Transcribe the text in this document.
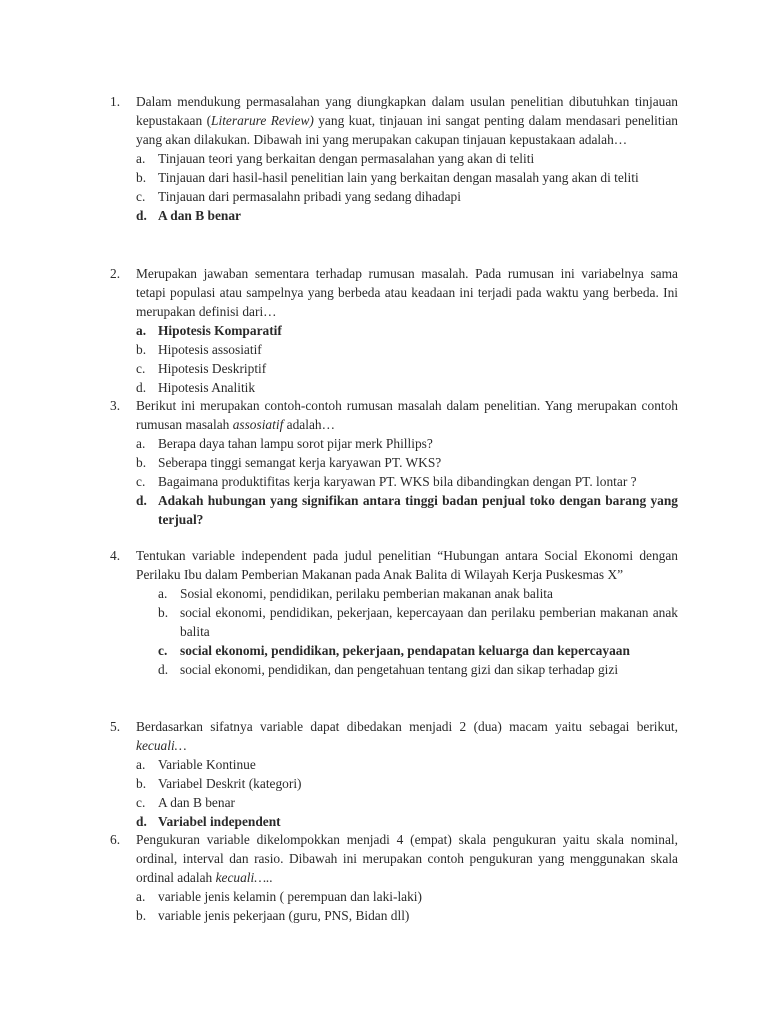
1.	Dalam mendukung permasalahan yang diungkapkan dalam usulan penelitian dibutuhkan tinjauan kepustakaan (Literarure Review) yang kuat, tinjauan ini sangat penting dalam mendasari penelitian yang akan dilakukan. Dibawah ini yang merupakan cakupan tinjauan kepustakaan adalah…
a. Tinjauan teori yang berkaitan dengan permasalahan yang akan di teliti
b. Tinjauan dari hasil-hasil penelitian lain yang berkaitan dengan masalah yang akan di teliti
c. Tinjauan dari permasalahn pribadi yang sedang dihadapi
d. A dan B benar
2.	Merupakan jawaban sementara terhadap rumusan masalah. Pada rumusan ini variabelnya sama tetapi populasi atau sampelnya yang berbeda atau keadaan ini terjadi pada waktu yang berbeda. Ini merupakan definisi dari…
a. Hipotesis Komparatif
b. Hipotesis assosiatif
c. Hipotesis Deskriptif
d. Hipotesis Analitik
3.	Berikut ini merupakan contoh-contoh rumusan masalah dalam penelitian. Yang merupakan contoh rumusan masalah assosiatif adalah…
a. Berapa daya tahan lampu sorot pijar merk Phillips?
b. Seberapa tinggi semangat kerja karyawan PT. WKS?
c. Bagaimana produktifitas kerja karyawan PT. WKS bila dibandingkan dengan PT. lontar ?
d. Adakah hubungan yang signifikan antara tinggi badan penjual toko dengan barang yang terjual?
4.	Tentukan variable independent pada judul penelitian “Hubungan antara Social Ekonomi dengan Perilaku Ibu dalam Pemberian Makanan pada Anak Balita di Wilayah Kerja Puskesmas X”
a. Sosial ekonomi, pendidikan, perilaku pemberian makanan anak balita
b. social ekonomi, pendidikan, pekerjaan, kepercayaan dan perilaku pemberian makanan anak balita
c. social ekonomi, pendidikan, pekerjaan, pendapatan keluarga dan kepercayaan
d. social ekonomi, pendidikan, dan pengetahuan tentang gizi dan sikap terhadap gizi
5.	Berdasarkan sifatnya variable dapat dibedakan menjadi 2 (dua) macam yaitu sebagai berikut, kecuali…
a. Variable Kontinue
b. Variabel Deskrit (kategori)
c. A dan B benar
d. Variabel independent
6.	Pengukuran variable dikelompokkan menjadi 4 (empat) skala pengukuran yaitu skala nominal, ordinal, interval dan rasio. Dibawah ini merupakan contoh pengukuran yang menggunakan skala ordinal adalah kecuali…..
a. variable jenis kelamin ( perempuan dan laki-laki)
b. variable jenis pekerjaan (guru, PNS, Bidan dll)
